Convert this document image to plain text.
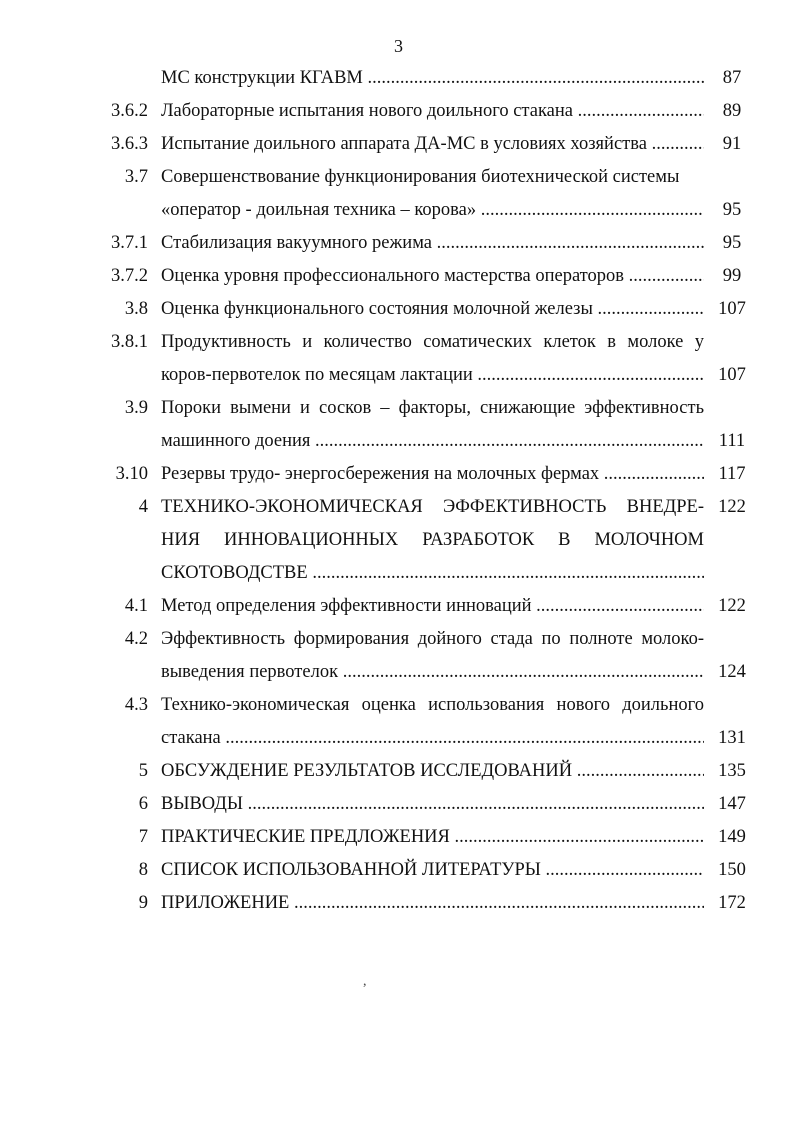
3
МС конструкции КГАВМ .....	87
3.6.2 Лабораторные испытания нового доильного стакана .....	89
3.6.3 Испытание доильного аппарата ДА-МС в условиях хозяйства .....	91
3.7 Совершенствование функционирования биотехнической системы
«оператор - доильная техника – корова» .....	95
3.7.1 Стабилизация вакуумного режима .....	95
3.7.2 Оценка уровня профессионального мастерства операторов .....	99
3.8 Оценка функционального состояния молочной железы .....	107
3.8.1 Продуктивность и количество соматических клеток в молоке у
коров-первотелок по месяцам лактации .....	107
3.9 Пороки вымени и сосков – факторы, снижающие эффективность
машинного доения .....	111
3.10 Резервы трудо- энергосбережения на молочных фермах .....	117
4 ТЕХНИКО-ЭКОНОМИЧЕСКАЯ ЭФФЕКТИВНОСТЬ ВНЕДРЕ- 122
НИЯ ИННОВАЦИОННЫХ РАЗРАБОТОК В МОЛОЧНОМ
СКОТОВОДСТВЕ .....
4.1 Метод определения эффективности инноваций .....	122
4.2 Эффективность формирования дойного стада по полноте молоко-
выведения первотелок .....	124
4.3 Технико-экономическая оценка использования нового доильного
стакана .....	131
5 ОБСУЖДЕНИЕ РЕЗУЛЬТАТОВ ИССЛЕДОВАНИЙ .....	135
6 ВЫВОДЫ .....	147
7 ПРАКТИЧЕСКИЕ ПРЕДЛОЖЕНИЯ .....	149
8 СПИСОК ИСПОЛЬЗОВАННОЙ ЛИТЕРАТУРЫ .....	150
9 ПРИЛОЖЕНИЕ .....	172
,
